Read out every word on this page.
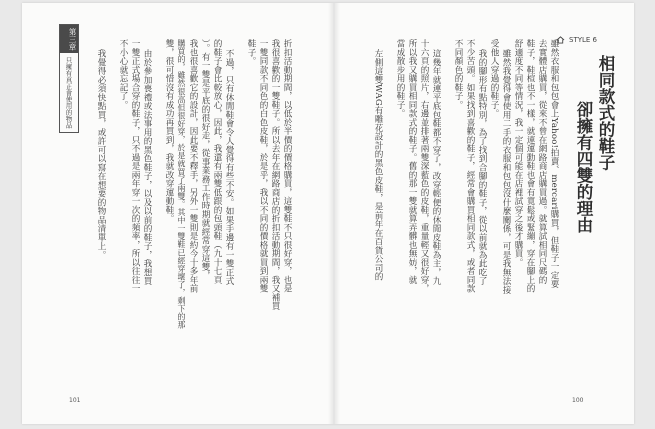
第三章
只擁有真正會使用的物品	折扣活動期間，以低於半價的價格購買，這雙鞋不只很好穿，也是
我很喜歡的一雙鞋子。所以去年在網路商店的折扣活動期間，我又補買
一雙同款不同色的白色皮鞋，於是乎，我以不同的價格就買到兩雙
鞋子。
不過，只有休閒鞋會令人覺得有些不安。如果手邊有一雙正式
的鞋子會比較放心，因此，我還有兩雙低跟的包頭鞋（九十七頁
）。有一雙是平底的很好走，從事業務工作時期就經常穿這雙，
我也很喜歡它的設計，因此要不釋手，另外一雙則是約今十多年前
購買的，雖然很高但很好穿，於是就買了兩雙。其中一雙鞋已經穿壞了，剩下的那
雙，很可惜沒有成功再買到，我就改穿運動鞋。
由於參加喪禮或法事用的黑色鞋子，以及以前的鞋子，我想買
一雙正式場合穿的鞋子，只不過是兩年穿一次的頻率，所以往往一
不小心就忘記了。
我覺得必須快點買，或許可以寫在想要的物品清單上。
101
STYLE 6
相同款式的鞋子
卻擁有四雙的理由
雖然衣服和包包會上Yahoo!拍賣、mercari購買，但鞋子一定要
去實體店購買，從來不曾在網路商店購買過。就算試相同尺碼的
鞋子，鞋楦也不一樣，就連運動鞋也會有寬鬆或緊繃，穿在腳上的
舒適度不同等情況，我一定個可能在店裡試穿之後才購買。
雖然我覺得會使用二手的衣服和包包沒什麼關係，可是我無法接
受他人穿過的鞋子。
我的腳形有點特別，為了找到合腳的鞋子，從以前就為此吃了
不少苦頭。如果找到喜歡的鞋子，經常會購買相同款式，或者同款
不同顏色的鞋子。
這幾年就連平底包鞋都不穿了，改穿輕便的休閒皮鞋為主，九
十六頁的照片，右邊並排著兩雙深藍色的皮鞋，重量輕又很好穿，
所以我又購買相同款式的鞋子。舊的那一雙就算弄髒也無妨，就
當成散步用的鞋子。
左側這雙WAG有雕花設計的黑色皮鞋，是前年在百貨公司的
100
